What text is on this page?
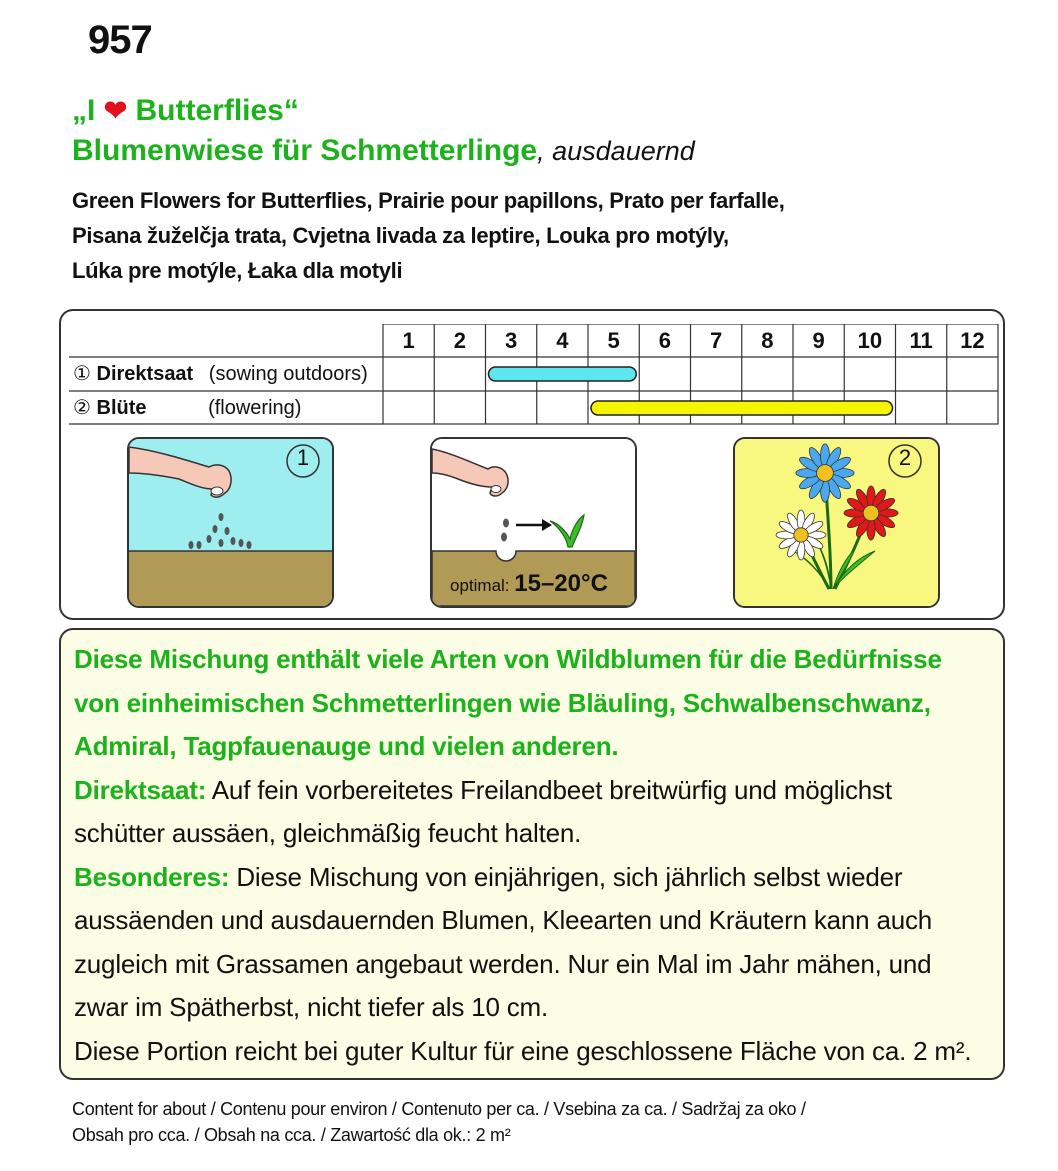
957
„I ❤ Butterflies“
Blumenwiese für Schmetterlinge, ausdauernd
Green Flowers for Butterflies, Prairie pour papillons, Prato per farfalle,
Pisana žuželčja trata, Cvjetna livada za leptire, Louka pro motýly,
Lúka pre motýle, Łaka dla motyli
1	2	3	4	5	6	7	8	9	10	11	12
① Direktsaat (sowing outdoors)
② Blüte	(flowering)
1
optimal: 15–20°C
2
Diese Mischung enthält viele Arten von Wildblumen für die Bedürfnisse
von einheimischen Schmetterlingen wie Bläuling, Schwalbenschwanz,
Admiral, Tagpfauenauge und vielen anderen.
Direktsaat: Auf fein vorbereitetes Freilandbeet breitwürfig und möglichst
schütter aussäen, gleichmäßig feucht halten.
Besonderes: Diese Mischung von einjährigen, sich jährlich selbst wieder
aussäenden und ausdauernden Blumen, Kleearten und Kräutern kann auch
zugleich mit Grassamen angebaut werden. Nur ein Mal im Jahr mähen, und
zwar im Spätherbst, nicht tiefer als 10 cm.
Diese Portion reicht bei guter Kultur für eine geschlossene Fläche von ca. 2 m².
Content for about / Contenu pour environ / Contenuto per ca. / Vsebina za ca. / Sadržaj za oko /
Obsah pro cca. / Obsah na cca. / Zawartość dla ok.: 2 m²
